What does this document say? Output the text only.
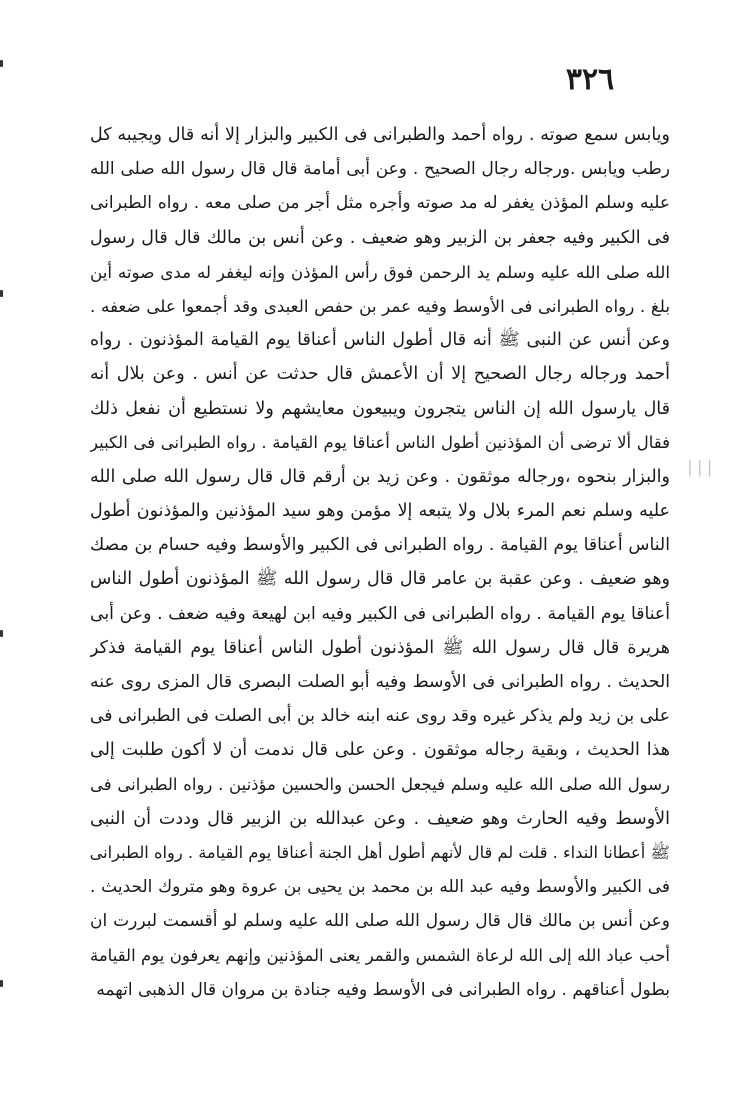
٣٢٦
׀׀׀
ويابس سمع صوته . رواه أحمد والطبرانى فى الكبير والبزار إلا أنه قال ويجيبه كل
رطب ويابس .ورجاله رجال الصحيح . وعن أبى أمامة قال قال رسول الله صلى الله
عليه وسلم المؤذن يغفر له مد صوته وأجره مثل أجر من صلى معه . رواه الطبرانى
فى الكبير وفيه جعفر بن الزبير وهو ضعيف . وعن أنس بن مالك قال قال رسول
الله صلى الله عليه وسلم يد الرحمن فوق رأس المؤذن وإنه ليغفر له مدى صوته أين
بلغ . رواه الطبرانى فى الأوسط وفيه عمر بن حفص العبدى وقد أجمعوا على ضعفه .
وعن أنس عن النبى ﷺ أنه قال أطول الناس أعناقا يوم القيامة المؤذنون . رواه
أحمد ورجاله رجال الصحيح إلا أن الأعمش قال حدثت عن أنس . وعن بلال أنه
قال يارسول الله إن الناس يتجرون ويبيعون معايشهم ولا نستطيع أن نفعل ذلك
فقال ألا ترضى أن المؤذنين أطول الناس أعناقا يوم القيامة . رواه الطبرانى فى الكبير
والبزار بنحوه ،ورجاله موثقون . وعن زيد بن أرقم قال قال رسول الله صلى الله
عليه وسلم نعم المرء بلال ولا يتبعه إلا مؤمن وهو سيد المؤذنين والمؤذنون أطول
الناس أعناقا يوم القيامة . رواه الطبرانى فى الكبير والأوسط وفيه حسام بن مصك
وهو ضعيف . وعن عقبة بن عامر قال قال رسول الله ﷺ المؤذنون أطول الناس
أعناقا يوم القيامة . رواه الطبرانى فى الكبير وفيه ابن لهيعة وفيه ضعف . وعن أبى
هريرة قال قال رسول الله ﷺ المؤذنون أطول الناس أعناقا يوم القيامة فذكر
الحديث . رواه الطبرانى فى الأوسط وفيه أبو الصلت البصرى قال المزى روى عنه
على بن زيد ولم يذكر غيره وقد روى عنه ابنه خالد بن أبى الصلت فى الطبرانى فى
هذا الحديث ، وبقية رجاله موثقون . وعن على قال ندمت أن لا أكون طلبت إلى
رسول الله صلى الله عليه وسلم فيجعل الحسن والحسين مؤذنين . رواه الطبرانى فى
الأوسط وفيه الحارث وهو ضعيف . وعن عبدالله بن الزبير قال وددت أن النبى
ﷺ أعطانا النداء . قلت لم قال لأنهم أطول أهل الجنة أعناقا يوم القيامة . رواه الطبرانى
فى الكبير والأوسط وفيه عبد الله بن محمد بن يحيى بن عروة وهو متروك الحديث .
وعن أنس بن مالك قال قال رسول الله صلى الله عليه وسلم لو أقسمت لبررت ان
أحب عباد الله إلى الله لرعاة الشمس والقمر يعنى المؤذنين وإنهم يعرفون يوم القيامة
بطول أعناقهم . رواه الطبرانى فى الأوسط وفيه جنادة بن مروان قال الذهبى اتهمه
